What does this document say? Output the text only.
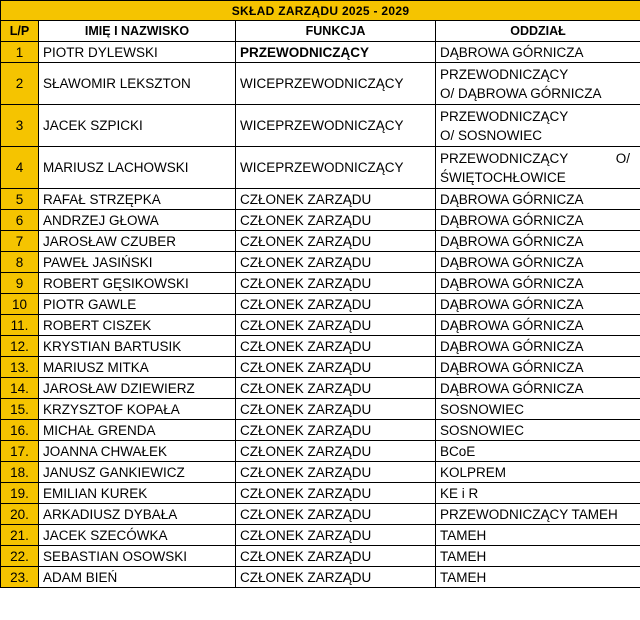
SKŁAD ZARZĄDU 2025 - 2029			
L/P	IMIĘ I NAZWISKO	FUNKCJA	ODDZIAŁ
1	PIOTR DYLEWSKI	PRZEWODNICZĄCY	DĄBROWA GÓRNICZA
2	SŁAWOMIR LEKSZTON	WICEPRZEWODNICZĄCY	PRZEWODNICZĄCY
O/ DĄBROWA GÓRNICZA

3	JACEK SZPICKI	WICEPRZEWODNICZĄCY	PRZEWODNICZĄCY
O/ SOSNOWIEC

4	MARIUSZ LACHOWSKI	WICEPRZEWODNICZĄCY	PRZEWODNICZĄCY O/
ŚWIĘTOCHŁOWICE

5	RAFAŁ STRZĘPKA	CZŁONEK ZARZĄDU	DĄBROWA GÓRNICZA
6	ANDRZEJ GŁOWA	CZŁONEK ZARZĄDU	DĄBROWA GÓRNICZA
7	JAROSŁAW CZUBER	CZŁONEK ZARZĄDU	DĄBROWA GÓRNICZA
8	PAWEŁ JASIŃSKI	CZŁONEK ZARZĄDU	DĄBROWA GÓRNICZA
9	ROBERT GĘSIKOWSKI	CZŁONEK ZARZĄDU	DĄBROWA GÓRNICZA
10	PIOTR GAWLE	CZŁONEK ZARZĄDU	DĄBROWA GÓRNICZA
11.	ROBERT CISZEK	CZŁONEK ZARZĄDU	DĄBROWA GÓRNICZA
12.	KRYSTIAN BARTUSIK	CZŁONEK ZARZĄDU	DĄBROWA GÓRNICZA
13.	MARIUSZ MITKA	CZŁONEK ZARZĄDU	DĄBROWA GÓRNICZA
14.	JAROSŁAW DZIEWIERZ	CZŁONEK ZARZĄDU	DĄBROWA GÓRNICZA
15.	KRZYSZTOF KOPAŁA	CZŁONEK ZARZĄDU	SOSNOWIEC
16.	MICHAŁ GRENDA	CZŁONEK ZARZĄDU	SOSNOWIEC
17.	JOANNA CHWAŁEK	CZŁONEK ZARZĄDU	BCoE
18.	JANUSZ GANKIEWICZ	CZŁONEK ZARZĄDU	KOLPREM
19.	EMILIAN KUREK	CZŁONEK ZARZĄDU	KE i R
20.	ARKADIUSZ DYBAŁA	CZŁONEK ZARZĄDU	PRZEWODNICZĄCY TAMEH
21.	JACEK SZECÓWKA	CZŁONEK ZARZĄDU	TAMEH
22.	SEBASTIAN OSOWSKI	CZŁONEK ZARZĄDU	TAMEH
23.	ADAM BIEŃ	CZŁONEK ZARZĄDU	TAMEH
